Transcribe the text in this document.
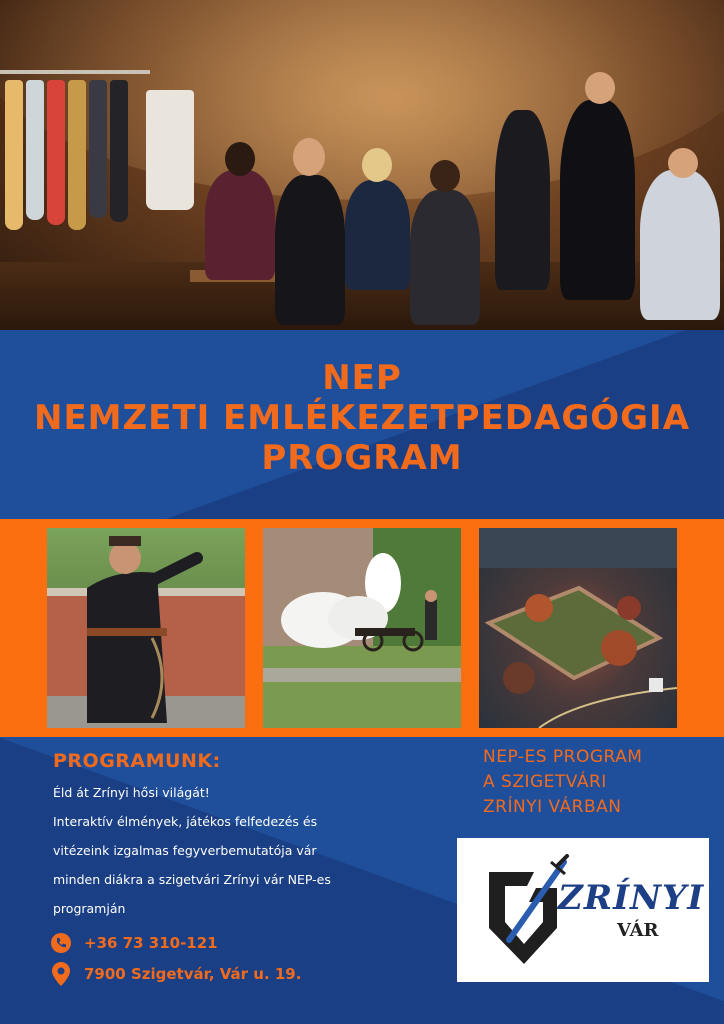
NEP
NEMZETI EMLÉKEZETPEDAGÓGIA
PROGRAM
PROGRAMUNK:

Éld át Zrínyi hősi világát!

Interaktív élmények, játékos felfedezés és vitézeink izgalmas fegyverbemutatója vár minden diákra a szigetvári Zrínyi vár NEP-es programján

+36 73 310-121
7900 Szigetvár, Vár u. 19.
NEP-ES PROGRAM
A SZIGETVÁRI
ZRÍNYI VÁRBAN
ZRÍNYI
VÁR
